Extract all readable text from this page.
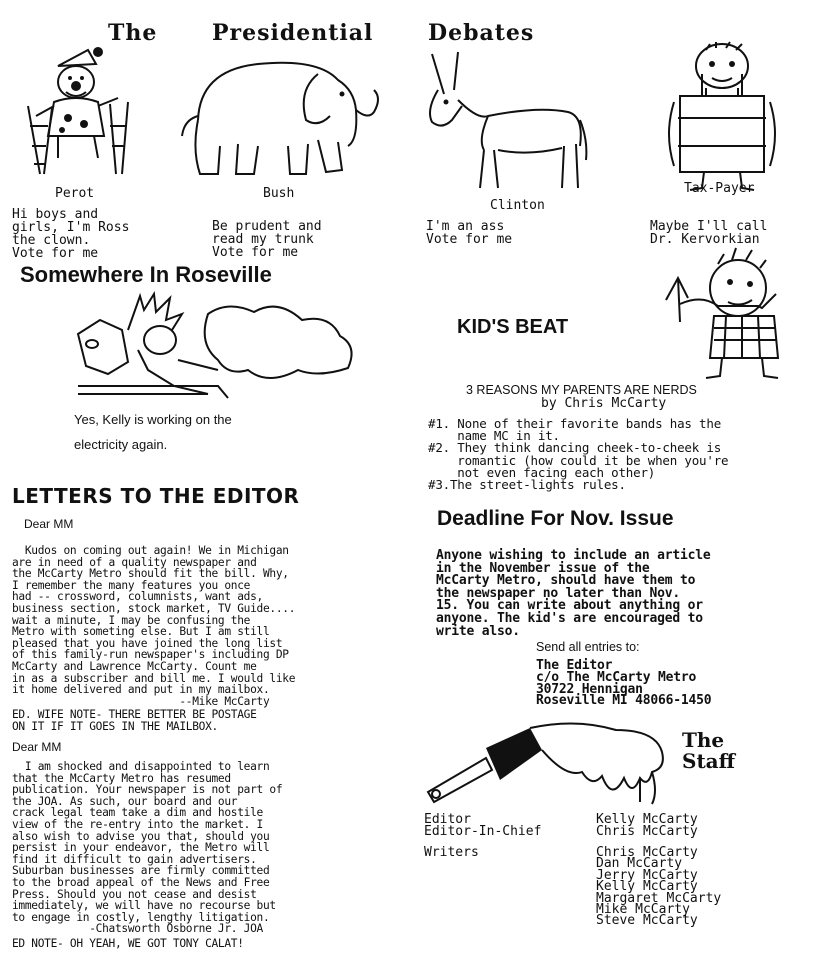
The Presidential Debates
Perot
Hi boys and
girls, I'm Ross
the clown.
Vote for me
Bush
Be prudent and
read my trunk
Vote for me
Clinton
I'm an ass
Vote for me
Tax-Payer
Maybe I'll call
Dr. Kervorkian
Somewhere In Roseville
Yes, Kelly is working on the
electricity again.
KID'S BEAT
3 REASONS MY PARENTS ARE NERDS
by Chris McCarty
#1. None of their favorite bands has the
name MC in it.
#2. They think dancing cheek-to-cheek is
romantic (how could it be when you're
not even facing each other)
#3.The street-lights rules.
LETTERS TO THE EDITOR
Dear MM
Kudos on coming out again! We in Michigan
are in need of a quality newspaper and
the McCarty Metro should fit the bill. Why,
I remember the many features you once
had -- crossword, columnists, want ads,
business section, stock market, TV Guide....
wait a minute, I may be confusing the
Metro with someting else. But I am still
pleased that you have joined the long list
of this family-run newspaper's including DP
McCarty and Lawrence McCarty. Count me
in as a subscriber and bill me. I would like
it home delivered and put in my mailbox.
--Mike McCarty
ED. WIFE NOTE- THERE BETTER BE POSTAGE
ON IT IF IT GOES IN THE MAILBOX.
Dear MM
I am shocked and disappointed to learn
that the McCarty Metro has resumed
publication. Your newspaper is not part of
the JOA. As such, our board and our
crack legal team take a dim and hostile
view of the re-entry into the market. I
also wish to advise you that, should you
persist in your endeavor, the Metro will
find it difficult to gain advertisers.
Suburban businesses are firmly committed
to the broad appeal of the News and Free
Press. Should you not cease and desist
immediately, we will have no recourse but
to engage in costly, lengthy litigation.
-Chatsworth Osborne Jr. JOA
ED NOTE- OH YEAH, WE GOT TONY CALAT!
Deadline For Nov. Issue
Anyone wishing to include an article
in the November issue of the
McCarty Metro, should have them to
the newspaper no later than Nov.
15. You can write about anything or
anyone. The kid's are encouraged to
write also.
Send all entries to:
The Editor
c/o The McCarty Metro
30722 Hennigan
Roseville MI 48066-1450
The
Staff
Editor	Kelly McCarty
Editor-In-Chief	Chris McCarty
Writers	Chris McCarty
Dan McCarty
Jerry McCarty
Kelly McCarty
Margaret McCarty
Mike McCarty
Steve McCarty
